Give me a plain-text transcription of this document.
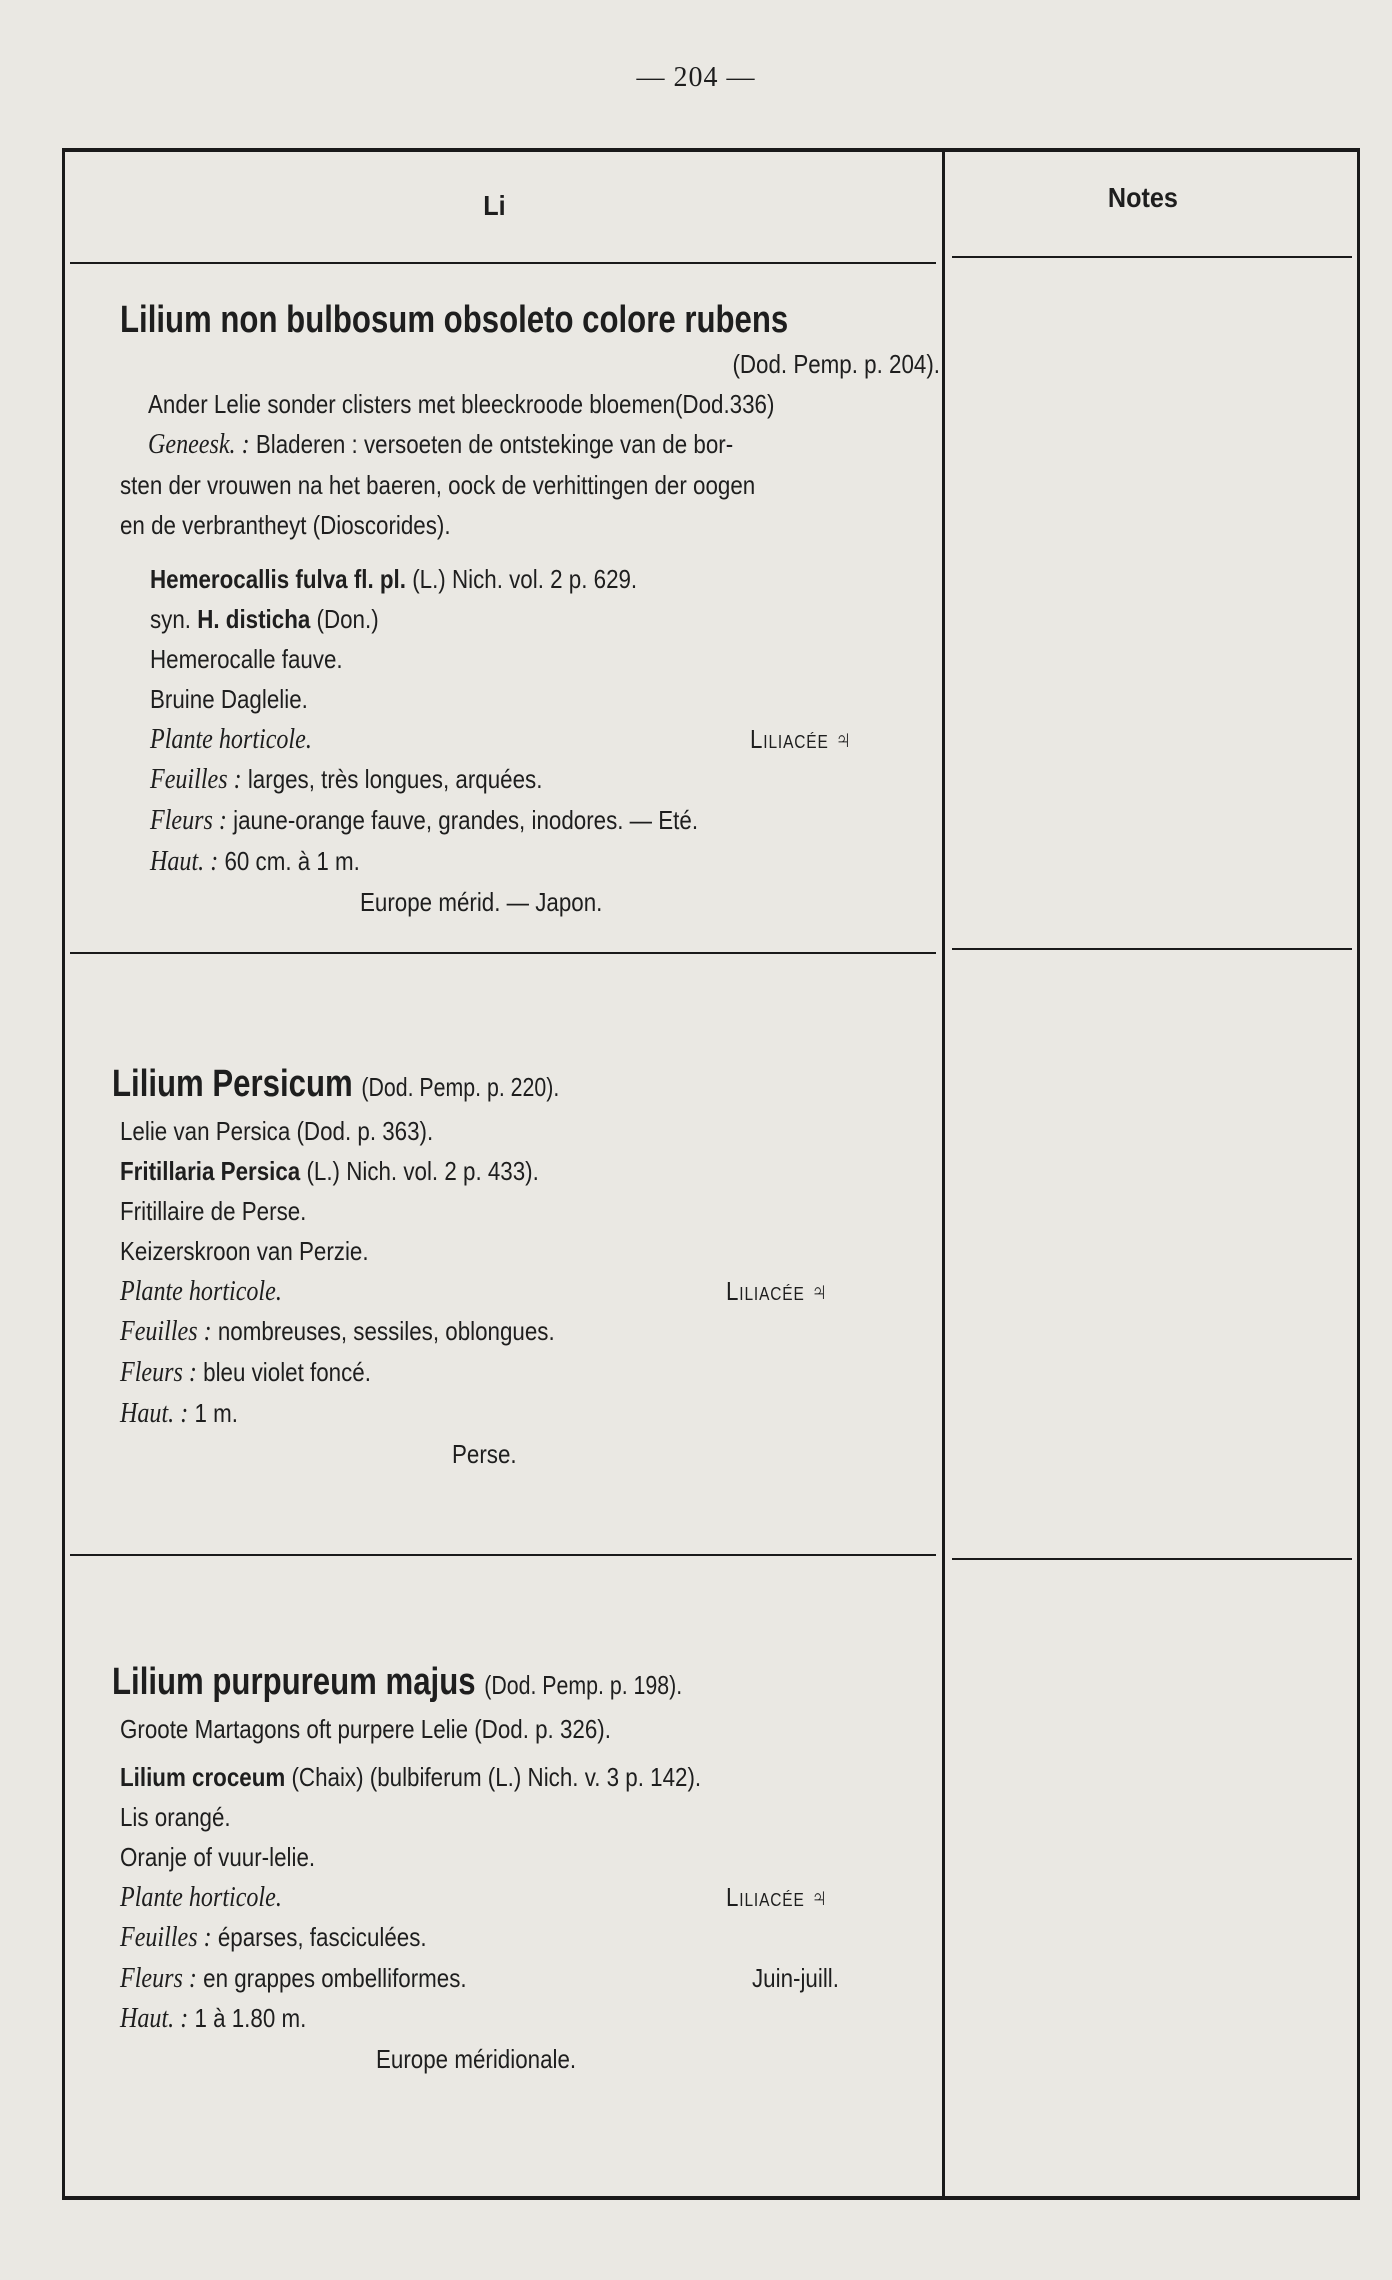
— 204 —
Li	Notes

Lilium non bulbosum obsoleto colore rubens

(Dod. Pemp. p. 204).

Ander Lelie sonder clisters met bleeckroode bloemen(Dod.336)

Geneesk. : Bladeren : versoeten de ontstekinge van de bor-

sten der vrouwen na het baeren, oock de verhittingen der oogen

en de verbrantheyt (Dioscorides).

Hemerocallis fulva fl. pl. (L.) Nich. vol. 2 p. 629.

syn. H. disticha (Don.)

Hemerocalle fauve.

Bruine Daglelie.

Plante horticole.	Liliacée ♃

Feuilles : larges, très longues, arquées.

Fleurs : jaune-orange fauve, grandes, inodores. — Eté.

Haut. : 60 cm. à 1 m.

Europe mérid. — Japon.

Lilium Persicum (Dod. Pemp. p. 220).

Lelie van Persica (Dod. p. 363).

Fritillaria Persica (L.) Nich. vol. 2 p. 433).

Fritillaire de Perse.

Keizerskroon van Perzie.

Plante horticole.	Liliacée ♃

Feuilles : nombreuses, sessiles, oblongues.

Fleurs : bleu violet foncé.

Haut. : 1 m.

Perse.

Lilium purpureum majus (Dod. Pemp. p. 198).

Groote Martagons oft purpere Lelie (Dod. p. 326).

Lilium croceum (Chaix) (bulbiferum (L.) Nich. v. 3 p. 142).

Lis orangé.

Oranje of vuur-lelie.

Plante horticole.	Liliacée ♃

Feuilles : éparses, fasciculées.

Fleurs : en grappes ombelliformes.	Juin-juill.

Haut. : 1 à 1.80 m.

Europe méridionale.
